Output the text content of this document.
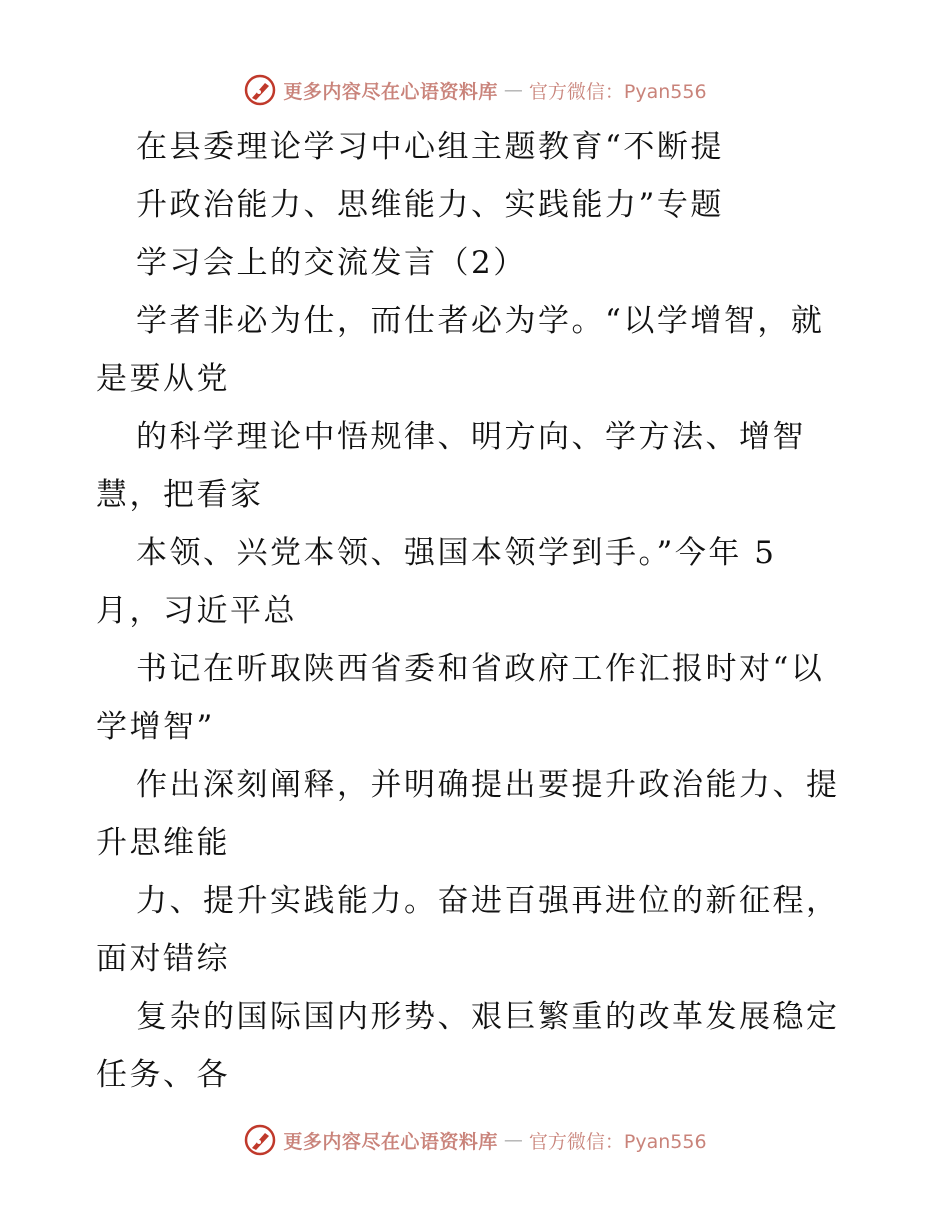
更多内容尽在心语资料库 — 官方微信：Pyan556
在县委理论学习中心组主题教育“不断提
升政治能力、思维能力、实践能力”专题
学习会上的交流发言（2）
学者非必为仕，而仕者必为学。“以学增智，就
是要从党
的科学理论中悟规律、明方向、学方法、增智
慧，把看家
本领、兴党本领、强国本领学到手。”今年 5
月，习近平总
书记在听取陕西省委和省政府工作汇报时对“以
学增智”
作出深刻阐释，并明确提出要提升政治能力、提
升思维能
力、提升实践能力。奋进百强再进位的新征程，
面对错综
复杂的国际国内形势、艰巨繁重的改革发展稳定
任务、各
更多内容尽在心语资料库 — 官方微信：Pyan556
